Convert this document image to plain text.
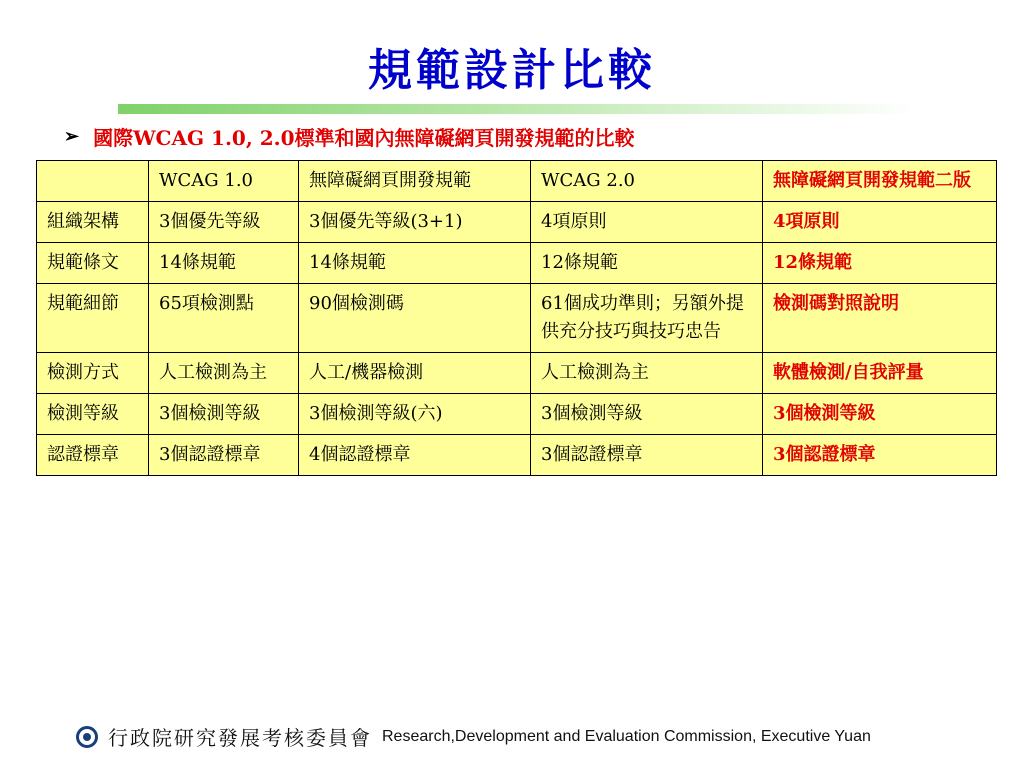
規範設計比較
➢ 國際WCAG 1.0, 2.0標準和國內無障礙網頁開發規範的比較
	WCAG 1.0	無障礙網頁開發規範	WCAG 2.0	無障礙網頁開發規範二版
組織架構	3個優先等級	3個優先等級(3+1)	4項原則	4項原則
規範條文	14條規範	14條規範	12條規範	12條規範
規範細節	65項檢測點	90個檢測碼	61個成功準則；另額外提供充分技巧與技巧忠告	檢測碼對照說明
檢測方式	人工檢測為主	人工/機器檢測	人工檢測為主	軟體檢測/自我評量
檢測等級	3個檢測等級	3個檢測等級(六)	3個檢測等級	3個檢測等級
認證標章	3個認證標章	4個認證標章	3個認證標章	3個認證標章
行政院研究發展考核委員會 Research,Development and Evaluation Commission, Executive Yuan
